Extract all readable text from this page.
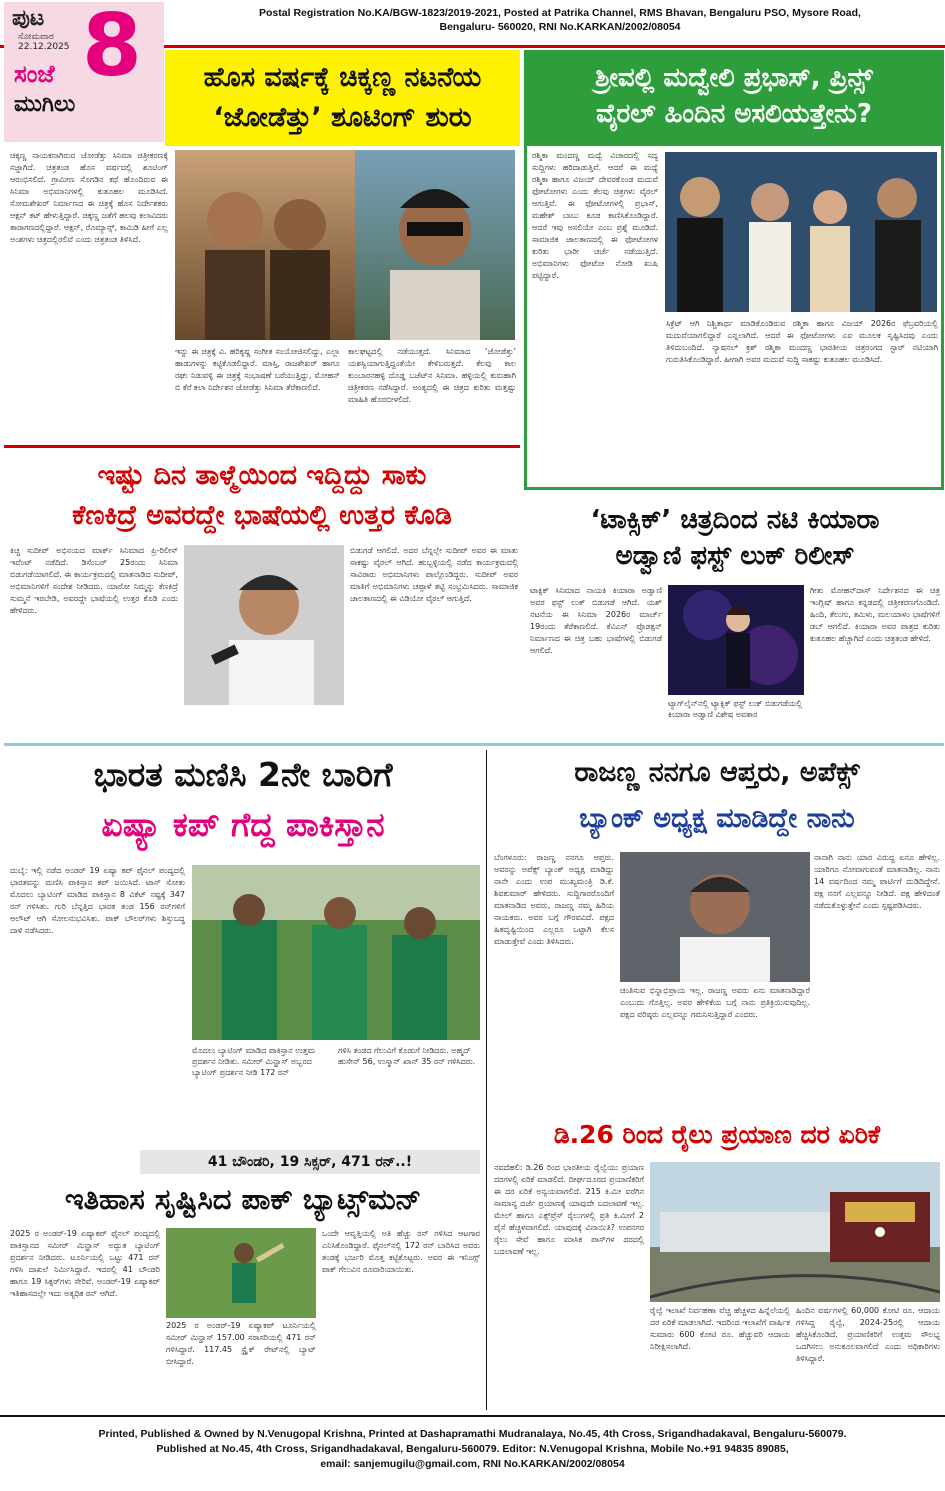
ಪುಟ
ಸೋಮವಾರ
22.12.2025 8
ಸಂಜೆ
ಮುಗಿಲು
Postal Registration No.KA/BGW-1823/2019-2021, Posted at Patrika Channel, RMS Bhavan, Bengaluru PSO, Mysore Road,
Bengaluru- 560020, RNI No.KARKAN/2002/08054
ಹೊಸ ವರ್ಷಕ್ಕೆ ಚಿಕ್ಕಣ್ಣ ನಟನೆಯ
‘ಜೋಡೆತ್ತು’ ಶೂಟಿಂಗ್ ಶುರು
ಚಿಕ್ಕಣ್ಣ ನಾಯಕನಾಗಿರುವ ಜೋಡೆತ್ತು ಸಿನಿಮಾ ಚಿತ್ರೀಕರಣಕ್ಕೆ ಸಜ್ಜಾಗಿದೆ. ಚಿತ್ರತಂಡ ಹೊಸ ವರ್ಷದಲ್ಲಿ ಶೂಟಿಂಗ್ ಆರಂಭಿಸಲಿದೆ. ಗ್ರಾಮೀಣ ಸೊಗಡಿನ ಕಥೆ ಹೊಂದಿರುವ ಈ ಸಿನಿಮಾ ಅಭಿಮಾನಿಗಳಲ್ಲಿ ಕುತೂಹಲ ಮೂಡಿಸಿದೆ. ಸೋಮಶೇಖರ್ ನಿರ್ಮಾಣದ ಈ ಚಿತ್ರಕ್ಕೆ ಹೊಸ ನಿರ್ದೇಶಕರು ಆಕ್ಷನ್ ಕಟ್ ಹೇಳುತ್ತಿದ್ದಾರೆ. ಚಿಕ್ಕಣ್ಣ ಜತೆಗೆ ಹಲವು ಕಲಾವಿದರು ತಾರಾಗಣದಲ್ಲಿದ್ದಾರೆ. ಆಕ್ಷನ್, ರೊಮ್ಯಾನ್ಸ್, ಕಾಮಿಡಿ ಹೀಗೆ ಎಲ್ಲ ಅಂಶಗಳು ಚಿತ್ರದಲ್ಲಿರಲಿವೆ ಎಂದು ಚಿತ್ರತಂಡ ತಿಳಿಸಿದೆ.
ಇನ್ನು ಈ ಚಿತ್ರಕ್ಕೆ ವಿ. ಹರಿಕೃಷ್ಣ ಸಂಗೀತ ಸಂಯೋಜಿಸಲಿದ್ದು, ಎಲ್ಲಾ ಹಾಡುಗಳನ್ನು ಕಟ್ಟಿಕೊಡಲಿದ್ದಾರೆ. ಮಾಸ್ತಿ, ರಾಜಶೇಖರ್ ಹಾಗೂ ರಘು ನಿಡುವಳ್ಳಿ ಈ ಚಿತ್ರಕ್ಕೆ ಸಂಭಾಷಣೆ ಬರೆಯುತ್ತಿದ್ದು, ಮೋಹನ್ ಬಿ ಕೆರೆ ಕಲಾ ನಿರ್ದೇಶನ ಜೋಡೆತ್ತು ಸಿನಿಮಾ ತೆರೆಕಾಣಲಿದೆ.
ಕಾಲಘಟ್ಟದಲ್ಲಿ ನಡೆಯುತ್ತದೆ. ಸಿನಿಮಾದ ‘ಜೋಡೆತ್ತು’ ಯಶಸ್ವಿಯಾಗುತ್ತಿದ್ದಂತೆಯೇ ಕೇಳಿಬರುತ್ತದೆ. ಕೆಲವು ಕಾಲ ಕುಂಬಾರನಹಳ್ಳಿ ದೊಡ್ಡ ಬಜೆಟ್‌ನ ಸಿನಿಮಾ. ಹಳ್ಳಿಯಲ್ಲಿ ಕುರುಹಾಗಿ ಚಿತ್ರೀಕರಣ ನಡೆಸಿದ್ದಾರೆ. ಅಂತ್ಯದಲ್ಲಿ ಈ ಚಿತ್ರದ ಕುರಿತು ಮತ್ತಷ್ಟು ಮಾಹಿತಿ ಹೊರಬೀಳಲಿದೆ.
ಶ್ರೀವಲ್ಲಿ ಮದ್ವೇಲಿ ಪ್ರಭಾಸ್, ಪ್ರಿನ್ಸ್
ವೈರಲ್ ಹಿಂದಿನ ಅಸಲಿಯತ್ತೇನು?
ರಶ್ಮಿಕಾ ಮಂದಣ್ಣ ಮದ್ವೆ ವಿಚಾರದಲ್ಲಿ ಸದ್ಯ ಸುದ್ದಿಗಳು ಹರಿದಾಡುತ್ತಿವೆ. ಆದರೆ ಈ ಮಧ್ಯೆ ರಶ್ಮಿಕಾ ಹಾಗೂ ವಿಜಯ್ ದೇವರಕೊಂಡ ಮದುವೆ ಫೋಟೋಗಳು ಎಂದು ಕೆಲವು ಚಿತ್ರಗಳು ವೈರಲ್ ಆಗುತ್ತಿವೆ. ಈ ಫೋಟೋಗಳಲ್ಲಿ ಪ್ರಭಾಸ್, ಮಹೇಶ್ ಬಾಬು ಕೂಡ ಕಾಣಿಸಿಕೊಂಡಿದ್ದಾರೆ. ಆದರೆ ಇವು ಅಸಲಿಯೇ ಎಂಬ ಪ್ರಶ್ನೆ ಮೂಡಿದೆ. ಸಾಮಾಜಿಕ ಜಾಲತಾಣದಲ್ಲಿ ಈ ಫೋಟೋಗಳ ಕುರಿತು ಭಾರೀ ಚರ್ಚೆ ನಡೆಯುತ್ತಿದೆ. ಅಭಿಮಾನಿಗಳು ಫೋಟೋ ನೋಡಿ ಖುಷಿ ಪಟ್ಟಿದ್ದಾರೆ.
ಸಿಕ್ರೆಟ್ ಆಗಿ ನಿಶ್ಚಿತಾರ್ಥ ಮಾಡಿಕೊಂಡಿರುವ ರಶ್ಮಿಕಾ ಹಾಗೂ ವಿಜಯ್ 2026ರ ಫೆಬ್ರವರಿಯಲ್ಲಿ ಮದುವೆಯಾಗಲಿದ್ದಾರೆ ಎನ್ನಲಾಗಿದೆ. ಆದರೆ ಈ ಫೋಟೋಗಳು ಎಐ ಮೂಲಕ ಸೃಷ್ಟಿಸಿದವು ಎಂದು ತಿಳಿದುಬಂದಿದೆ. ನ್ಯಾಷನಲ್ ಕ್ರಶ್ ರಶ್ಮಿಕಾ ಮಂದಣ್ಣ ಭಾರತೀಯ ಚಿತ್ರರಂಗದ ಸ್ಟಾರ್ ನಟಿಯಾಗಿ ಗುರುತಿಸಿಕೊಂಡಿದ್ದಾರೆ. ಹೀಗಾಗಿ ಅವರ ಮದುವೆ ಸುದ್ದಿ ಸಾಕಷ್ಟು ಕುತೂಹಲ ಮೂಡಿಸಿದೆ.
ಇಷ್ಟು ದಿನ ತಾಳ್ಮೆಯಿಂದ ಇದ್ದಿದ್ದು ಸಾಕು
ಕೆಣಕಿದ್ರೆ ಅವರದ್ದೇ ಭಾಷೆಯಲ್ಲಿ ಉತ್ತರ ಕೊಡಿ
ಕಿಚ್ಚ ಸುದೀಪ್ ಅಭಿನಯದ ಮಾರ್ಕ್ ಸಿನಿಮಾದ ಪ್ರಿ-ರಿಲೀಸ್ ಇವೆಂಟ್ ನಡೆದಿದೆ. ಡಿಸೆಂಬರ್ 25ರಂದು ಸಿನಿಮಾ ಬಿಡುಗಡೆಯಾಗಲಿದೆ. ಈ ಕಾರ್ಯಕ್ರಮದಲ್ಲಿ ಮಾತನಾಡಿದ ಸುದೀಪ್, ಅಭಿಮಾನಿಗಳಿಗೆ ಸಂದೇಶ ನೀಡಿದರು. ಯಾರೋ ನಿಮ್ಮನ್ನು ಕೆಣಕಿದ್ರೆ ಸುಮ್ಮನೆ ಇರಬೇಡಿ, ಅವರದ್ದೇ ಭಾಷೆಯಲ್ಲಿ ಉತ್ತರ ಕೊಡಿ ಎಂದು ಹೇಳಿದರು.
ಬಿಡುಗಡೆ ಆಗಲಿದೆ. ಅದರ ಬೆನ್ನಲ್ಲೇ ಸುದೀಪ್ ಅವರ ಈ ಮಾತು ಸಾಕಷ್ಟು ವೈರಲ್ ಆಗಿದೆ. ಹುಬ್ಬಳ್ಳಿಯಲ್ಲಿ ನಡೆದ ಕಾರ್ಯಕ್ರಮದಲ್ಲಿ ಸಾವಿರಾರು ಅಭಿಮಾನಿಗಳು ಪಾಲ್ಗೊಂಡಿದ್ದರು. ಸುದೀಪ್ ಅವರ ಮಾತಿಗೆ ಅಭಿಮಾನಿಗಳು ಚಪ್ಪಾಳೆ ತಟ್ಟಿ ಸಂಭ್ರಮಿಸಿದರು. ಸಾಮಾಜಿಕ ಜಾಲತಾಣದಲ್ಲಿ ಈ ವಿಡಿಯೋ ವೈರಲ್ ಆಗುತ್ತಿದೆ.
‘ಟಾಕ್ಸಿಕ್’ ಚಿತ್ರದಿಂದ ನಟಿ ಕಿಯಾರಾ
ಅಡ್ವಾಣಿ ಫಸ್ಟ್ ಲುಕ್ ರಿಲೀಸ್
ಟಾಕ್ಸಿಕ್ ಸಿನಿಮಾದ ನಾಯಕಿ ಕಿಯಾರಾ ಅಡ್ವಾಣಿ ಅವರ ಫಸ್ಟ್ ಲುಕ್ ಬಿಡುಗಡೆ ಆಗಿದೆ. ಯಶ್ ನಟನೆಯ ಈ ಸಿನಿಮಾ 2026ರ ಮಾರ್ಚ್ 19ರಂದು ತೆರೆಕಾಣಲಿದೆ. ಕೆವಿಎನ್ ಪ್ರೊಡಕ್ಷನ್ ನಿರ್ಮಾಣದ ಈ ಚಿತ್ರ ಬಹು ಭಾಷೆಗಳಲ್ಲಿ ಬಿಡುಗಡೆ ಆಗಲಿದೆ.
ಟ್ಯಾಗ್‌ಲೈನ್‌ನಲ್ಲಿ ಟ್ಯಾಕ್ಸಿಕ್ ಫಸ್ಟ್ ಲುಕ್‌ ಬಿಡುಗಡೆಯಲ್ಲಿ ಕಿಯಾರಾ ಅಡ್ವಾಣಿ ವಿಶೇಷ ಅವತಾರ
ಗೀತು ಮೋಹನ್‌ದಾಸ್ ನಿರ್ದೇಶನದ ಈ ಚಿತ್ರ ಇಂಗ್ಲಿಷ್ ಹಾಗೂ ಕನ್ನಡದಲ್ಲಿ ಚಿತ್ರೀಕರಣಗೊಂಡಿದೆ. ಹಿಂದಿ, ತೆಲುಗು, ತಮಿಳು, ಮಲಯಾಳಂ ಭಾಷೆಗಳಿಗೆ ಡಬ್ ಆಗಲಿದೆ. ಕಿಯಾರಾ ಅವರ ಪಾತ್ರದ ಕುರಿತು ಕುತೂಹಲ ಹೆಚ್ಚಾಗಿದೆ ಎಂದು ಚಿತ್ರತಂಡ ಹೇಳಿದೆ.
ಭಾರತ ಮಣಿಸಿ 2ನೇ ಬಾರಿಗೆ
ಏಷ್ಯಾ ಕಪ್ ಗೆದ್ದ ಪಾಕಿಸ್ತಾನ
ದುಬೈ: ಇಲ್ಲಿ ನಡೆದ ಅಂಡರ್ 19 ಏಷ್ಯಾ ಕಪ್ ಫೈನಲ್ ಪಂದ್ಯದಲ್ಲಿ ಭಾರತವನ್ನು ಮಣಿಸಿ ಪಾಕಿಸ್ತಾನ ಕಪ್ ಜಯಿಸಿದೆ. ಟಾಸ್ ಸೋತು ಮೊದಲು ಬ್ಯಾಟಿಂಗ್ ಮಾಡಿದ ಪಾಕಿಸ್ತಾನ 8 ವಿಕೆಟ್ ನಷ್ಟಕ್ಕೆ 347 ರನ್ ಗಳಿಸಿತು. ಗುರಿ ಬೆನ್ನತ್ತಿದ ಭಾರತ ತಂಡ 156 ರನ್‌ಗಳಿಗೆ ಆಲೌಟ್ ಆಗಿ ಸೋಲನುಭವಿಸಿತು. ಪಾಕ್ ಬೌಲರ್‌ಗಳು ಶಿಸ್ತುಬದ್ಧ ದಾಳಿ ನಡೆಸಿದರು.
ಮೊದಲು ಬ್ಯಾಟಿಂಗ್ ಮಾಡಿದ ಪಾಕಿಸ್ತಾನ ಉತ್ತಮ ಪ್ರದರ್ಶನ ನೀಡಿತು. ಸಮೀರ್ ಮಿನ್ಹಾಸ್ ಅಬ್ಬರದ ಬ್ಯಾಟಿಂಗ್ ಪ್ರದರ್ಶನ ನೀಡಿ 172 ರನ್
ಗಳಿಸಿ ತಂಡದ ಗೆಲುವಿಗೆ ಕೊಡುಗೆ ನೀಡಿದರು. ಅಹ್ಮದ್ ಹುಸೇನ್ 56, ಉಸ್ಮಾನ್ ಖಾನ್ 35 ರನ್ ಗಳಿಸಿದರು.
ರಾಜಣ್ಣ ನನಗೂ ಆಪ್ತರು, ಅಪೆಕ್ಸ್
ಬ್ಯಾಂಕ್ ಅಧ್ಯಕ್ಷ ಮಾಡಿದ್ದೇ ನಾನು
ಬೆಂಗಳೂರು: ರಾಜಣ್ಣ ನನಗೂ ಆಪ್ತರು. ಅವರನ್ನು ಅಪೆಕ್ಸ್ ಬ್ಯಾಂಕ್ ಅಧ್ಯಕ್ಷ ಮಾಡಿದ್ದು ನಾನೇ ಎಂದು ಉಪ ಮುಖ್ಯಮಂತ್ರಿ ಡಿ.ಕೆ. ಶಿವಕುಮಾರ್ ಹೇಳಿದರು. ಸುದ್ದಿಗಾರರೊಂದಿಗೆ ಮಾತನಾಡಿದ ಅವರು, ರಾಜಣ್ಣ ನಮ್ಮ ಹಿರಿಯ ನಾಯಕರು. ಅವರ ಬಗ್ಗೆ ಗೌರವವಿದೆ. ಪಕ್ಷದ ಹಿತದೃಷ್ಟಿಯಿಂದ ಎಲ್ಲರೂ ಒಟ್ಟಾಗಿ ಕೆಲಸ ಮಾಡುತ್ತೇವೆ ಎಂದು ತಿಳಿಸಿದರು.
ಚಿಂತಿಸುವ ಭಿನ್ನಾಭಿಪ್ರಾಯ ಇಲ್ಲ. ರಾಜಣ್ಣ ಅವರು ಏನು ಮಾತನಾಡಿದ್ದಾರೆ ಎಂಬುದು ಗೊತ್ತಿಲ್ಲ. ಅವರ ಹೇಳಿಕೆಯ ಬಗ್ಗೆ ನಾನು ಪ್ರತಿಕ್ರಿಯಿಸುವುದಿಲ್ಲ. ಪಕ್ಷದ ವರಿಷ್ಠರು ಎಲ್ಲವನ್ನೂ ಗಮನಿಸುತ್ತಿದ್ದಾರೆ ಎಂದರು.
ನಾನಾಗಿ ನಾನು ಯಾರ ವಿರುದ್ಧ ಏನೂ ಹೇಳಿಲ್ಲ. ಯಾರಿಗೂ ನೋವಾಗುವಂತೆ ಮಾತನಾಡಿಲ್ಲ. ನಾನು 14 ವರ್ಷದಿಂದ ನಮ್ಮ ಪಾರ್ಟಿಗೆ ದುಡಿದಿದ್ದೇನೆ. ಪಕ್ಷ ನನಗೆ ಎಲ್ಲವನ್ನೂ ನೀಡಿದೆ. ಪಕ್ಷ ಹೇಳಿದಂತೆ ನಡೆದುಕೊಳ್ಳುತ್ತೇನೆ ಎಂದು ಸ್ಪಷ್ಟಪಡಿಸಿದರು.
41 ಬೌಂಡರಿ, 19 ಸಿಕ್ಸರ್, 471 ರನ್..!
ಇತಿಹಾಸ ಸೃಷ್ಟಿಸಿದ ಪಾಕ್ ಬ್ಯಾಟ್ಸ್‌ಮನ್
2025 ರ ಅಂಡರ್-19 ಏಷ್ಯಾಕಪ್ ಫೈನಲ್ ಪಂದ್ಯದಲ್ಲಿ ಪಾಕಿಸ್ತಾನದ ಸಮೀರ್ ಮಿನ್ಹಾಸ್ ಅದ್ಭುತ ಬ್ಯಾಟಿಂಗ್ ಪ್ರದರ್ಶನ ನೀಡಿದರು. ಟೂರ್ನಿಯಲ್ಲಿ ಒಟ್ಟು 471 ರನ್ ಗಳಿಸಿ ದಾಖಲೆ ನಿರ್ಮಿಸಿದ್ದಾರೆ. ಇದರಲ್ಲಿ 41 ಬೌಂಡರಿ ಹಾಗೂ 19 ಸಿಕ್ಸರ್‌ಗಳು ಸೇರಿವೆ. ಅಂಡರ್-19 ಏಷ್ಯಾಕಪ್ ಇತಿಹಾಸದಲ್ಲೇ ಇದು ಅತ್ಯಧಿಕ ರನ್ ಆಗಿದೆ.
2025 ರ ಅಂಡರ್-19 ಏಷ್ಯಾಕಪ್ ಟೂರ್ನಿಯಲ್ಲಿ ಸಮೀರ್ ಮಿನ್ಹಾಸ್ 157.00 ಸರಾಸರಿಯಲ್ಲಿ 471 ರನ್ ಗಳಿಸಿದ್ದಾರೆ. 117.45 ಸ್ಟ್ರೈಕ್ ರೇಟ್‌ನಲ್ಲಿ ಬ್ಯಾಟ್ ಬೀಸಿದ್ದಾರೆ.
ಒಂದೇ ಆವೃತ್ತಿಯಲ್ಲಿ ಅತಿ ಹೆಚ್ಚು ರನ್ ಗಳಿಸಿದ ಆಟಗಾರ ಎನಿಸಿಕೊಂಡಿದ್ದಾರೆ. ಫೈನಲ್‌ನಲ್ಲಿ 172 ರನ್ ಬಾರಿಸಿದ ಅವರು ತಂಡಕ್ಕೆ ಭರ್ಜರಿ ಮೊತ್ತ ಕಟ್ಟಿಕೊಟ್ಟರು. ಅವರ ಈ ಇನಿಂಗ್ಸ್ ಪಾಕ್ ಗೆಲುವಿನ ರೂವಾರಿಯಾಯಿತು.
ಡಿ.26 ರಿಂದ ರೈಲು ಪ್ರಯಾಣ ದರ ಏರಿಕೆ
ನವದೆಹಲಿ: ಡಿ.26 ರಿಂದ ಭಾರತೀಯ ರೈಲ್ವೆಯು ಪ್ರಯಾಣ ದರಗಳಲ್ಲಿ ಏರಿಕೆ ಮಾಡಲಿದೆ. ದೀರ್ಘದೂರದ ಪ್ರಯಾಣಿಕರಿಗೆ ಈ ದರ ಏರಿಕೆ ಅನ್ವಯವಾಗಲಿದೆ. 215 ಕಿ.ಮೀ ವರೆಗಿನ ಸಾಮಾನ್ಯ ದರ್ಜೆ ಪ್ರಯಾಣಕ್ಕೆ ಯಾವುದೇ ಬದಲಾವಣೆ ಇಲ್ಲ. ಮೇಲ್ ಹಾಗೂ ಎಕ್ಸ್‌ಪ್ರೆಸ್ ರೈಲುಗಳಲ್ಲಿ ಪ್ರತಿ ಕಿ.ಮೀಗೆ 2 ಪೈಸೆ ಹೆಚ್ಚಳವಾಗಲಿದೆ. ಯಾವುದಕ್ಕೆ ವಿನಾಯಿತಿ? ಉಪನಗರ ರೈಲು ಸೇವೆ ಹಾಗೂ ಮಾಸಿಕ ಪಾಸ್‌ಗಳ ದರದಲ್ಲಿ ಬದಲಾವಣೆ ಇಲ್ಲ.
ರೈಲ್ವೆ ಇಲಾಖೆ ನಿರ್ವಹಣಾ ವೆಚ್ಚ ಹೆಚ್ಚಳದ ಹಿನ್ನೆಲೆಯಲ್ಲಿ ದರ ಏರಿಕೆ ಮಾಡಲಾಗಿದೆ. ಇದರಿಂದ ಇಲಾಖೆಗೆ ವಾರ್ಷಿಕ ಸುಮಾರು 600 ಕೋಟಿ ರೂ. ಹೆಚ್ಚುವರಿ ಆದಾಯ ನಿರೀಕ್ಷಿಸಲಾಗಿದೆ.
ಹಿಂದಿನ ವರ್ಷಗಳಲ್ಲಿ 60,000 ಕೋಟಿ ರೂ. ಆದಾಯ ಗಳಿಸಿದ್ದ ರೈಲ್ವೆ, 2024-25ರಲ್ಲಿ ಆದಾಯ ಹೆಚ್ಚಿಸಿಕೊಂಡಿದೆ. ಪ್ರಯಾಣಿಕರಿಗೆ ಉತ್ತಮ ಸೌಲಭ್ಯ ಒದಗಿಸಲು ಅನುಕೂಲವಾಗಲಿದೆ ಎಂದು ಅಧಿಕಾರಿಗಳು ತಿಳಿಸಿದ್ದಾರೆ.
Printed, Published & Owned by N.Venugopal Krishna, Printed at Dashapramathi Mudranalaya, No.45, 4th Cross, Srigandhadakaval, Bengaluru-560079.
Published at No.45, 4th Cross, Srigandhadakaval, Bengaluru-560079. Editor: N.Venugopal Krishna, Mobile No.+91 94835 89085,
email: sanjemugilu@gmail.com, RNI No.KARKAN/2002/08054
